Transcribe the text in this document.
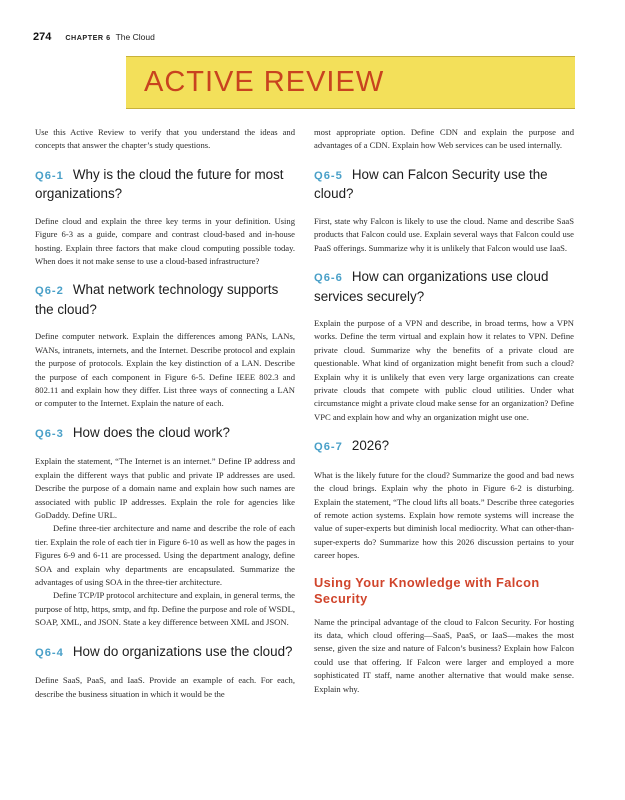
274 CHAPTER 6 The Cloud
ACTIVE REVIEW

Use this Active Review to verify that you understand the ideas and concepts that answer the chapter’s study questions.

Q6-1 Why is the cloud the future for most organizations?

Define cloud and explain the three key terms in your definition. Using Figure 6-3 as a guide, compare and contrast cloud-based and in-house hosting. Explain three factors that make cloud computing possible today. When does it not make sense to use a cloud-based infrastructure?

Q6-2 What network technology supports the cloud?

Define computer network. Explain the differences among PANs, LANs, WANs, intranets, internets, and the Internet. Describe protocol and explain the purpose of protocols. Explain the key distinction of a LAN. Describe the purpose of each component in Figure 6-5. Define IEEE 802.3 and 802.11 and explain how they differ. List three ways of connecting a LAN or computer to the Internet. Explain the nature of each.

Q6-3 How does the cloud work?

Explain the statement, “The Internet is an internet.” Define IP address and explain the different ways that public and private IP addresses are used. Describe the purpose of a domain name and explain how such names are associated with public IP addresses. Explain the role for agencies like GoDaddy. Define URL.

Define three-tier architecture and name and describe the role of each tier. Explain the role of each tier in Figure 6-10 as well as how the pages in Figures 6-9 and 6-11 are processed. Using the department analogy, define SOA and explain why departments are encapsulated. Summarize the advantages of using SOA in the three-tier architecture.

Define TCP/IP protocol architecture and explain, in general terms, the purpose of http, https, smtp, and ftp. Define the purpose and role of WSDL, SOAP, XML, and JSON. State a key difference between XML and JSON.

Q6-4 How do organizations use the cloud?

Define SaaS, PaaS, and IaaS. Provide an example of each. For each, describe the business situation in which it would be the

most appropriate option. Define CDN and explain the purpose and advantages of a CDN. Explain how Web services can be used internally.

Q6-5 How can Falcon Security use the cloud?

First, state why Falcon is likely to use the cloud. Name and describe SaaS products that Falcon could use. Explain several ways that Falcon could use PaaS offerings. Summarize why it is unlikely that Falcon would use IaaS.

Q6-6 How can organizations use cloud services securely?

Explain the purpose of a VPN and describe, in broad terms, how a VPN works. Define the term virtual and explain how it relates to VPN. Define private cloud. Summarize why the benefits of a private cloud are questionable. What kind of organization might benefit from such a cloud? Explain why it is unlikely that even very large organizations can create private clouds that compete with public cloud utilities. Under what circumstance might a private cloud make sense for an organization? Define VPC and explain how and why an organization might use one.

Q6-7 2026?

What is the likely future for the cloud? Summarize the good and bad news the cloud brings. Explain why the photo in Figure 6-2 is disturbing. Explain the statement, “The cloud lifts all boats.” Describe three categories of remote action systems. Explain how remote systems will increase the value of super-experts but diminish local mediocrity. What can other-than-super-experts do? Summarize how this 2026 discussion pertains to your career hopes.

Using Your Knowledge with Falcon Security

Name the principal advantage of the cloud to Falcon Security. For hosting its data, which cloud offering—SaaS, PaaS, or IaaS—makes the most sense, given the size and nature of Falcon’s business? Explain how Falcon could use that offering. If Falcon were larger and employed a more sophisticated IT staff, name another alternative that would make sense. Explain why.
